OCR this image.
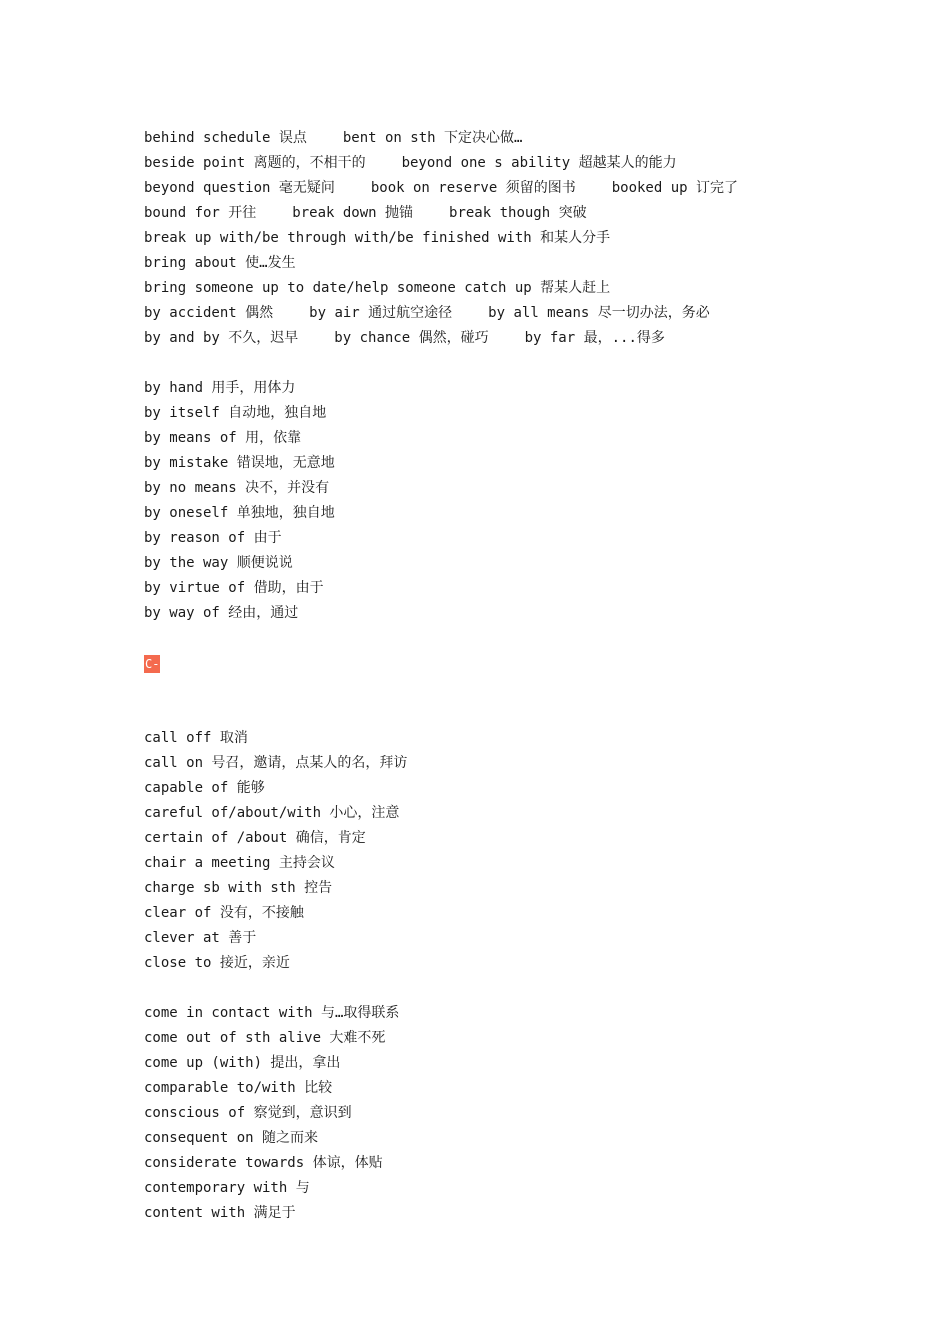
behind schedule 误点	bent on sth 下定决心做…
beside point 离题的，不相干的	beyond one s ability 超越某人的能力
beyond question 毫无疑问	book on reserve 须留的图书	booked up 订完了
bound for 开往	break down 抛锚	break though 突破
break up with/be through with/be finished with 和某人分手
bring about 使…发生
bring someone up to date/help someone catch up 帮某人赶上
by accident 偶然	by air 通过航空途径	by all means 尽一切办法，务必
by and by 不久，迟早	by chance 偶然，碰巧	by far 最，...得多
by hand 用手，用体力
by itself 自动地，独自地
by means of 用，依靠
by mistake 错误地，无意地
by no means 决不，并没有
by oneself 单独地，独自地
by reason of 由于
by the way 顺便说说
by virtue of 借助，由于
by way of 经由，通过
C-
call off 取消
call on 号召，邀请，点某人的名，拜访
capable of 能够
careful of/about/with 小心，注意
certain of /about 确信，肯定
chair a meeting 主持会议
charge sb with sth 控告
clear of 没有，不接触
clever at 善于
close to 接近，亲近
come in contact with 与…取得联系
come out of sth alive 大难不死
come up (with) 提出，拿出
comparable to/with 比较
conscious of 察觉到，意识到
consequent on 随之而来
considerate towards 体谅，体贴
contemporary with 与
content with 满足于
